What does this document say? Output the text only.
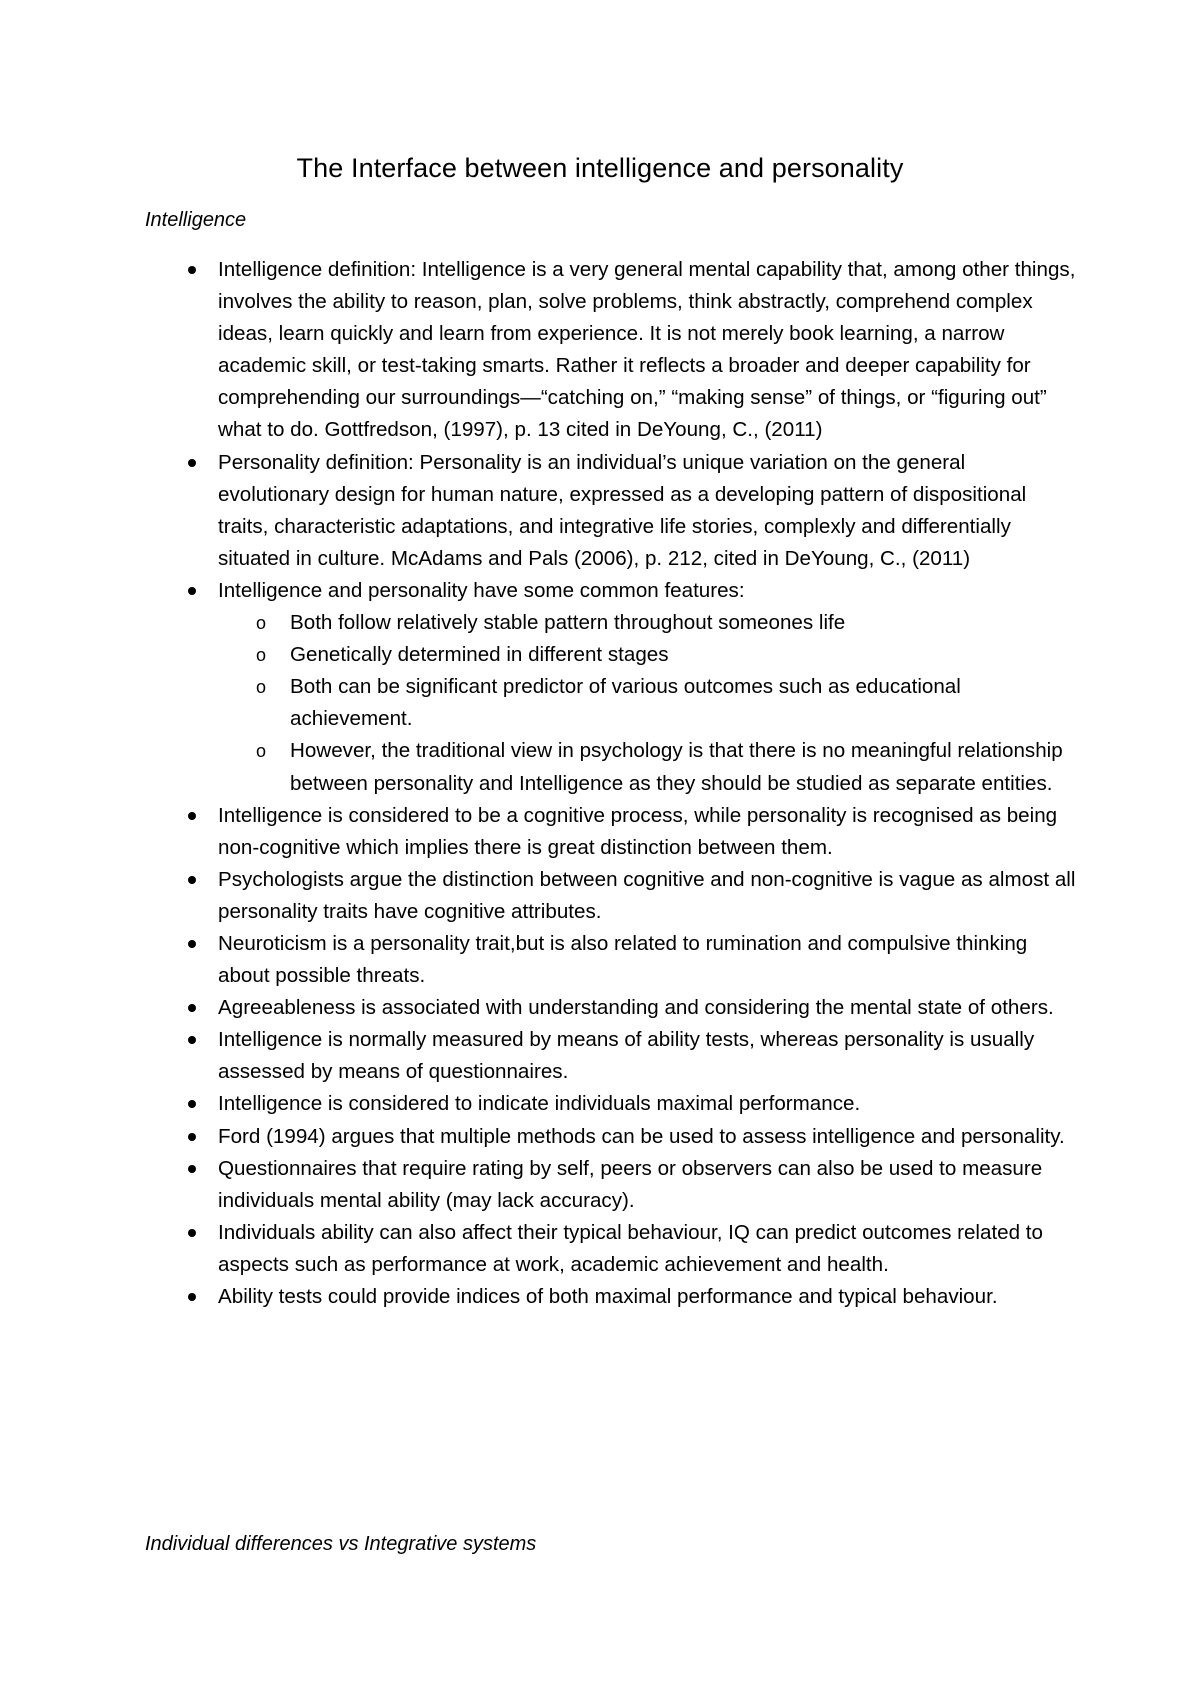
The Interface between intelligence and personality
Intelligence
Intelligence definition: Intelligence is a very general mental capability that, among other things, involves the ability to reason, plan, solve problems, think abstractly, comprehend complex ideas, learn quickly and learn from experience. It is not merely book learning, a narrow academic skill, or test-taking smarts. Rather it reflects a broader and deeper capability for comprehending our surroundings—“catching on,” “making sense” of things, or “figuring out” what to do. Gottfredson, (1997), p. 13 cited in DeYoung, C., (2011)
Personality definition: Personality is an individual’s unique variation on the general evolutionary design for human nature, expressed as a developing pattern of dispositional traits, characteristic adaptations, and integrative life stories, complexly and differentially situated in culture. McAdams and Pals (2006), p. 212, cited in DeYoung, C., (2011)
Intelligence and personality have some common features:
o Both follow relatively stable pattern throughout someones life
o Genetically determined in different stages
o Both can be significant predictor of various outcomes such as educational achievement.
o However, the traditional view in psychology is that there is no meaningful relationship between personality and Intelligence as they should be studied as separate entities.
Intelligence is considered to be a cognitive process, while personality is recognised as being non-cognitive which implies there is great distinction between them.
Psychologists argue the distinction between cognitive and non-cognitive is vague as almost all personality traits have cognitive attributes.
Neuroticism is a personality trait,but is also related to rumination and compulsive thinking about possible threats.
Agreeableness is associated with understanding and considering the mental state of others.
Intelligence is normally measured by means of ability tests, whereas personality is usually assessed by means of questionnaires.
Intelligence is considered to indicate individuals maximal performance.
Ford (1994) argues that multiple methods can be used to assess intelligence and personality.
Questionnaires that require rating by self, peers or observers can also be used to measure individuals mental ability (may lack accuracy).
Individuals ability can also affect their typical behaviour, IQ can predict outcomes related to aspects such as performance at work, academic achievement and health.
Ability tests could provide indices of both maximal performance and typical behaviour.
Individual differences vs Integrative systems
